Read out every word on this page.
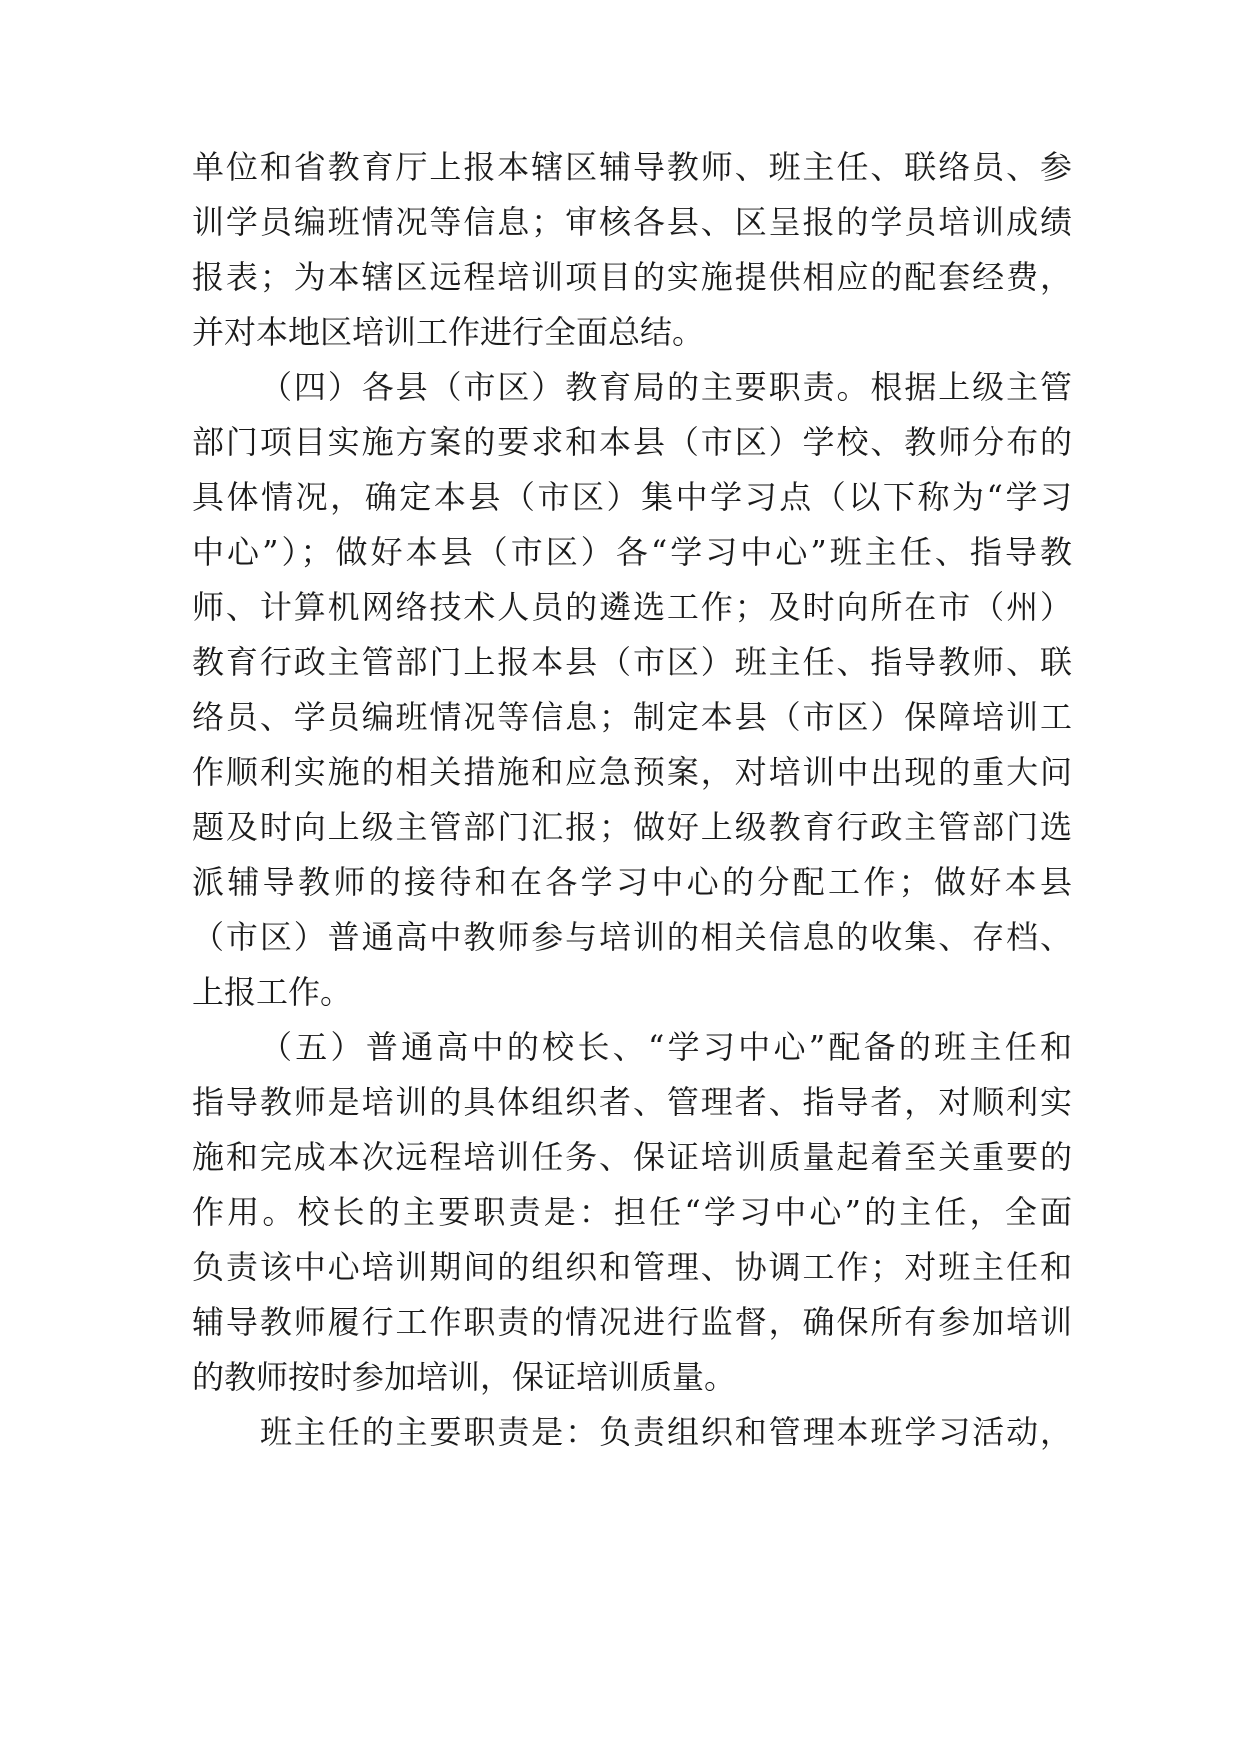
单位和省教育厅上报本辖区辅导教师、班主任、联络员、参
训学员编班情况等信息；审核各县、区呈报的学员培训成绩
报表；为本辖区远程培训项目的实施提供相应的配套经费，
并对本地区培训工作进行全面总结。
（四）各县（市区）教育局的主要职责。根据上级主管
部门项目实施方案的要求和本县（市区）学校、教师分布的
具体情况，确定本县（市区）集中学习点（以下称为“学习
中心”）；做好本县（市区）各“学习中心”班主任、指导教
师、计算机网络技术人员的遴选工作；及时向所在市（州）
教育行政主管部门上报本县（市区）班主任、指导教师、联
络员、学员编班情况等信息；制定本县（市区）保障培训工
作顺利实施的相关措施和应急预案，对培训中出现的重大问
题及时向上级主管部门汇报；做好上级教育行政主管部门选
派辅导教师的接待和在各学习中心的分配工作；做好本县
（市区）普通高中教师参与培训的相关信息的收集、存档、
上报工作。
（五）普通高中的校长、“学习中心”配备的班主任和
指导教师是培训的具体组织者、管理者、指导者，对顺利实
施和完成本次远程培训任务、保证培训质量起着至关重要的
作用。校长的主要职责是：担任“学习中心”的主任，全面
负责该中心培训期间的组织和管理、协调工作；对班主任和
辅导教师履行工作职责的情况进行监督，确保所有参加培训
的教师按时参加培训，保证培训质量。
班主任的主要职责是：负责组织和管理本班学习活动，
